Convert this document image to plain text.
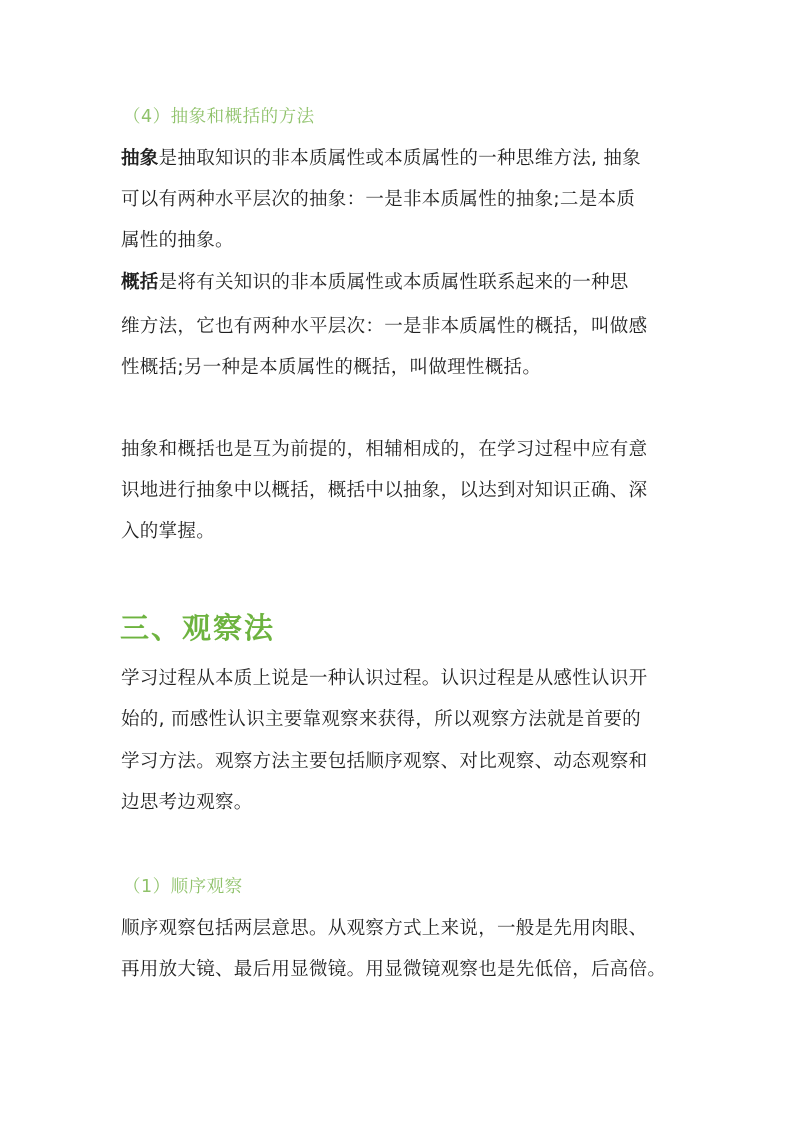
（4）抽象和概括的方法
抽象是抽取知识的非本质属性或本质属性的一种思维方法, 抽象
可以有两种水平层次的抽象：一是非本质属性的抽象;二是本质
属性的抽象。
概括是将有关知识的非本质属性或本质属性联系起来的一种思
维方法，它也有两种水平层次：一是非本质属性的概括，叫做感
性概括;另一种是本质属性的概括，叫做理性概括。
抽象和概括也是互为前提的，相辅相成的，在学习过程中应有意
识地进行抽象中以概括，概括中以抽象，以达到对知识正确、深
入的掌握。
三、观察法
学习过程从本质上说是一种认识过程。认识过程是从感性认识开
始的, 而感性认识主要靠观察来获得，所以观察方法就是首要的
学习方法。观察方法主要包括顺序观察、对比观察、动态观察和
边思考边观察。
（1）顺序观察
顺序观察包括两层意思。从观察方式上来说，一般是先用肉眼、
再用放大镜、最后用显微镜。用显微镜观察也是先低倍，后高倍。
